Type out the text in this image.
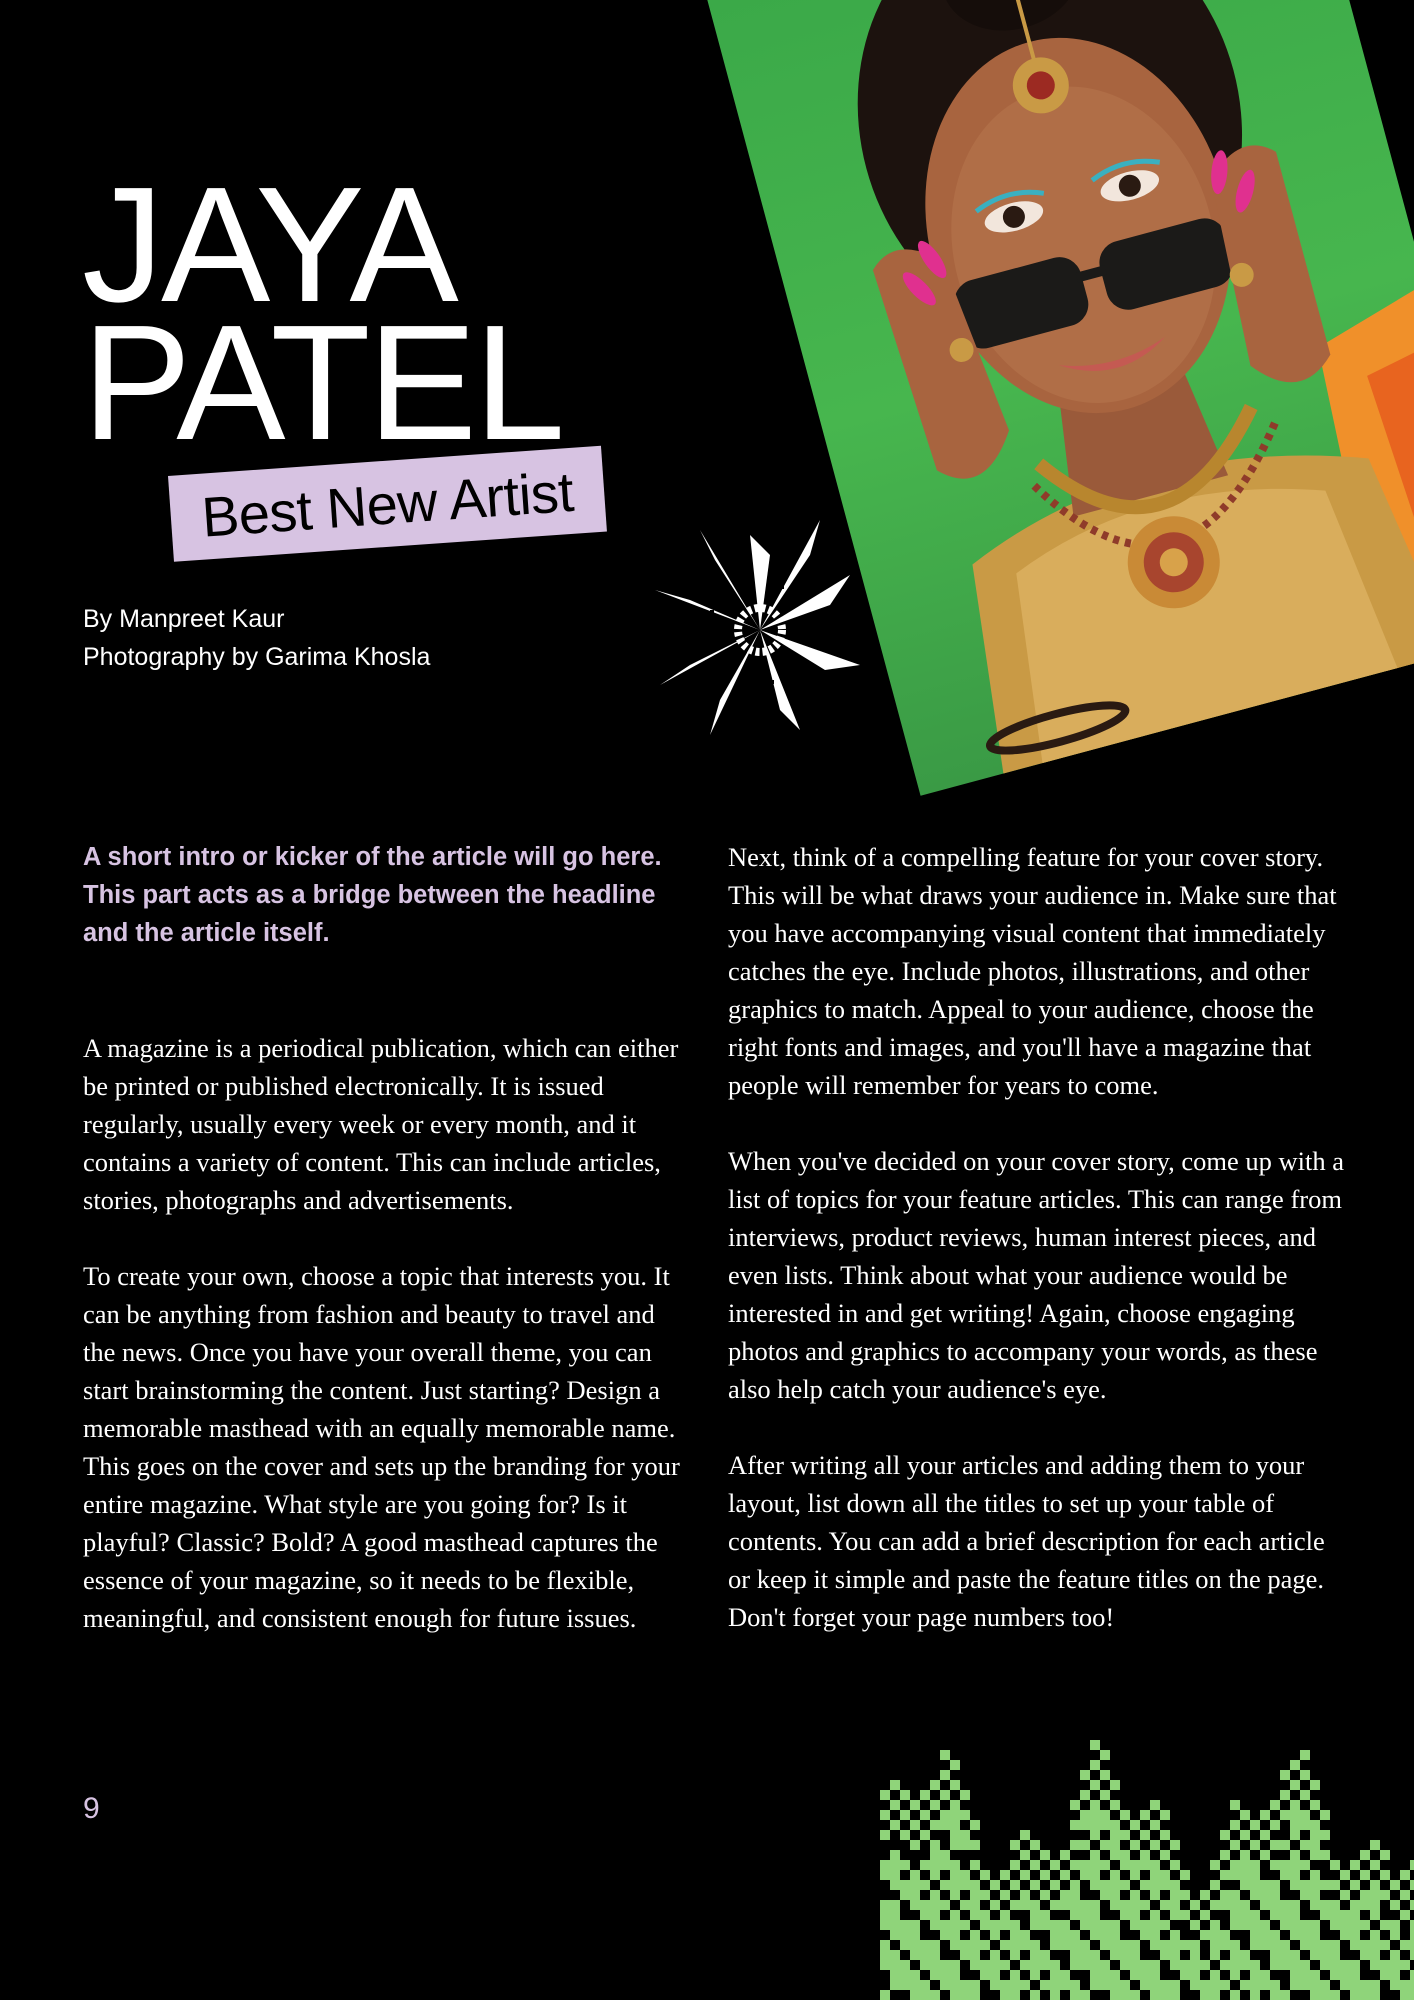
JAYA
PATEL
Best New Artist
By Manpreet Kaur
Photography by Garima Khosla
A short intro or kicker of the article will go here. This part acts as a bridge between the headline and the article itself.

A magazine is a periodical publication, which can either be printed or published electronically. It is issued regularly, usually every week or every month, and it contains a variety of content. This can include articles, stories, photographs and advertisements.

To create your own, choose a topic that interests you. It can be anything from fashion and beauty to travel and the news. Once you have your overall theme, you can start brainstorming the content. Just starting? Design a memorable masthead with an equally memorable name. This goes on the cover and sets up the branding for your entire magazine. What style are you going for? Is it playful? Classic? Bold? A good masthead captures the essence of your magazine, so it needs to be flexible, meaningful, and consistent enough for future issues.

Next, think of a compelling feature for your cover story. This will be what draws your audience in. Make sure that you have accompanying visual content that immediately catches the eye. Include photos, illustrations, and other graphics to match. Appeal to your audience, choose the right fonts and images, and you'll have a magazine that people will remember for years to come.

When you've decided on your cover story, come up with a list of topics for your feature articles. This can range from interviews, product reviews, human interest pieces, and even lists. Think about what your audience would be interested in and get writing! Again, choose engaging photos and graphics to accompany your words, as these also help catch your audience's eye.

After writing all your articles and adding them to your layout, list down all the titles to set up your table of contents. You can add a brief description for each article or keep it simple and paste the feature titles on the page. Don't forget your page numbers too!

9
